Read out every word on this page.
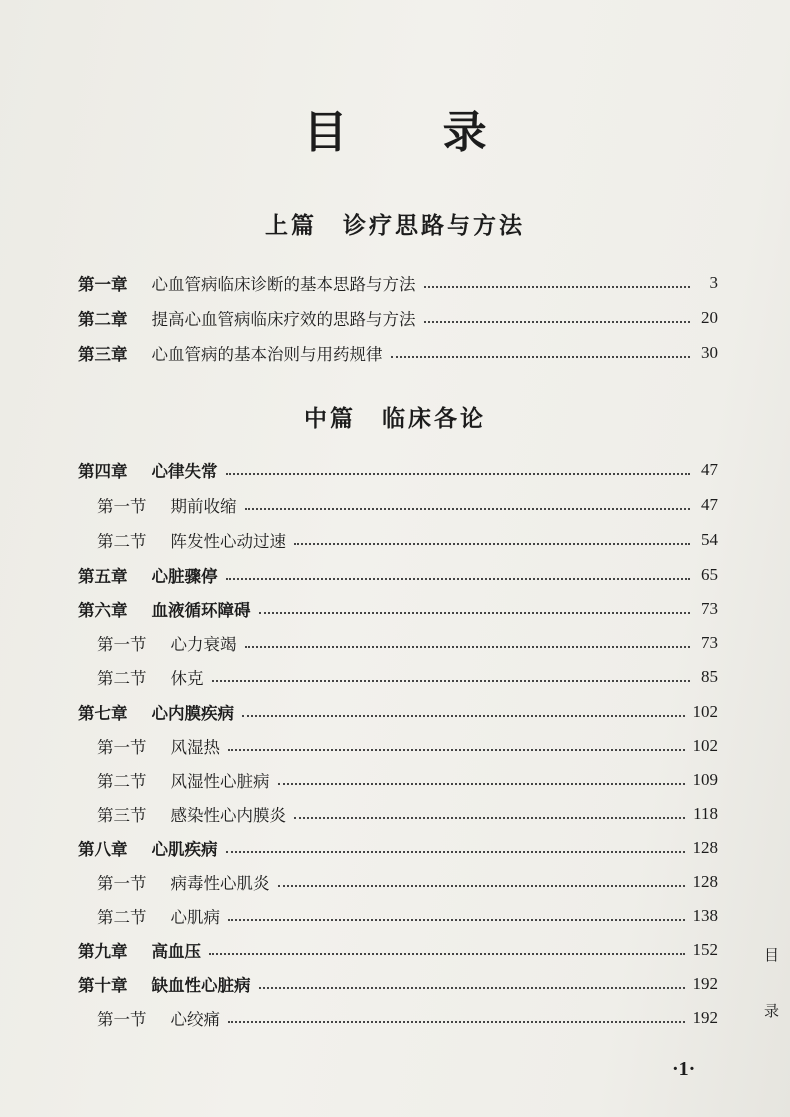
目 录
上篇 诊疗思路与方法
第一章 心血管病临床诊断的基本思路与方法	3
第二章 提高心血管病临床疗效的思路与方法	20
第三章 心血管病的基本治则与用药规律	30
中篇 临床各论
第四章 心律失常	47
第一节 期前收缩	47
第二节 阵发性心动过速	54
第五章 心脏骤停	65
第六章 血液循环障碍	73
第一节 心力衰竭	73
第二节 休克	85
第七章 心内膜疾病	102
第一节 风湿热	102
第二节 风湿性心脏病	109
第三节 感染性心内膜炎	118
第八章 心肌疾病	128
第一节 病毒性心肌炎	128
第二节 心肌病	138
第九章 高血压	152
第十章 缺血性心脏病	192
第一节 心绞痛	192
目
录
·1·
